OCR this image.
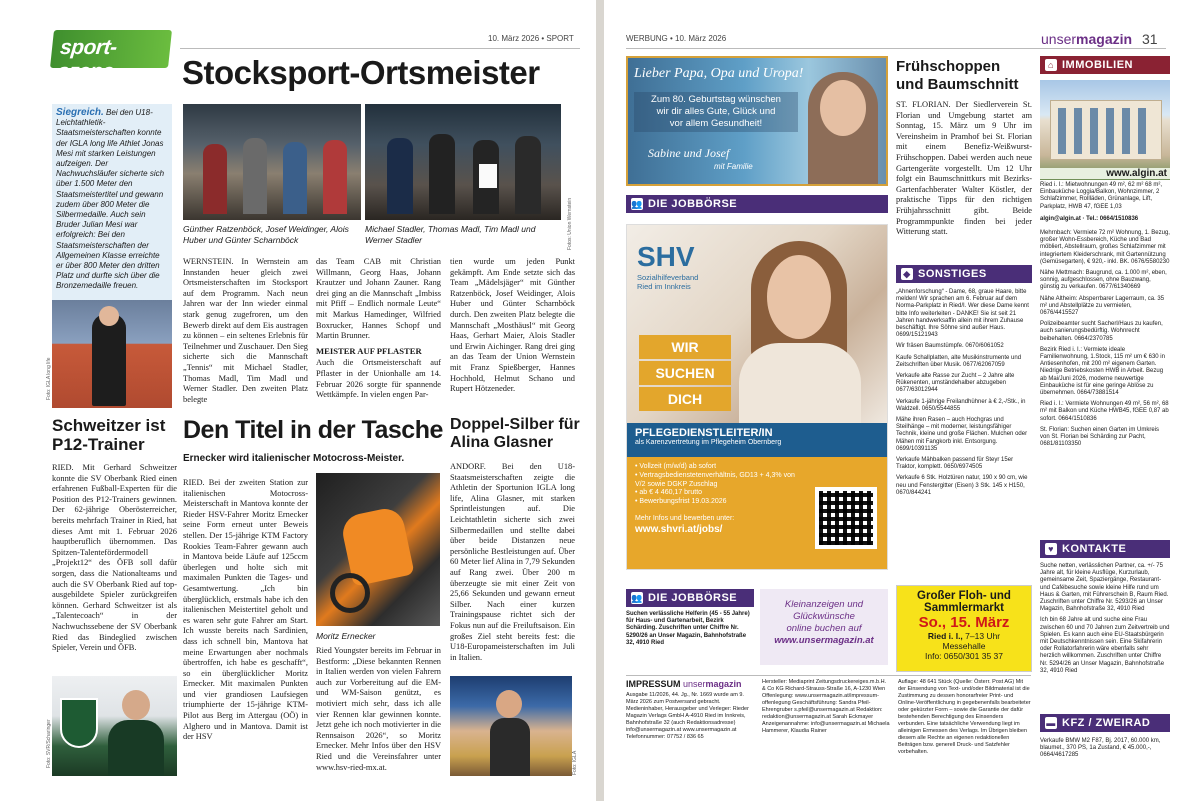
sport-szene
10. März 2026 • SPORT
Stocksport-Ortsmeister
Siegreich. Bei den U18-Leichtathletik-Staatsmeisterschaften konnte der IGLA long life Athlet Jonas Mesi mit starken Leistungen aufzeigen. Der Nachwuchsläufer sicherte sich über 1.500 Meter den Staatsmeistertitel und gewann zudem über 800 Meter die Silbermedaille. Auch sein Bruder Julian Mesi war erfolgreich: Bei den Staatsmeisterschaften der Allgemeinen Klasse erreichte er über 800 Meter den dritten Platz und durfte sich über die Bronzemedaille freuen.
Foto: IGLA long life
Fotos: Union Wernstein
Günther Ratzenböck, Josef Weidinger, Alois Huber und Günter Scharnböck
Michael Stadler, Thomas Madl, Tim Madl und Werner Stadler
WERNSTEIN. In Wernstein am Innstanden heuer gleich zwei Ortsmeisterschaften im Stocksport auf dem Programm. Nach neun Jahren war der Inn wieder einmal stark genug zugefroren, um den Bewerb direkt auf dem Eis austragen zu können – ein seltenes Erlebnis für Teilnehmer und Zuschauer. Den Sieg sicherte sich die Mannschaft „Tennis“ mit Michael Stadler, Thomas Madl, Tim Madl und Werner Stadler. Den zweiten Platz belegte
das Team CAB mit Christian Willmann, Georg Haas, Johann Krautzer und Johann Zauner. Rang drei ging an die Mannschaft „Imbiss mit Pfiff – Endlich normale Leute“ mit Markus Hamedinger, Wilfried Boxrucker, Hannes Schopf und Martin Brunner.
MEISTER AUF PFLASTER
Auch die Ortsmeisterschaft auf Pflaster in der Unionhalle am 14. Februar 2026 sorgte für spannende Wettkämpfe. In vielen engen Par-
tien wurde um jeden Punkt gekämpft. Am Ende setzte sich das Team „Mädelsjäger“ mit Günther Ratzenböck, Josef Weidinger, Alois Huber und Günter Scharnböck durch. Den zweiten Platz belegte die Mannschaft „Mosthäusl“ mit Georg Haas, Gerhart Maier, Alois Stadler und Erwin Aichinger. Rang drei ging an das Team der Union Wernstein mit Franz Spießberger, Hannes Hochhold, Helmut Schano und Rupert Hötzeneder.
Schweitzer ist P12-Trainer
RIED. Mit Gerhard Schweitzer konnte die SV Oberbank Ried einen erfahrenen Fußball-Experten für die Position des P12-Trainers gewinnen. Der 62-jährige Oberösterreicher, bereits mehrfach Trainer in Ried, hat dieses Amt mit 1. Februar 2026 hauptberuflich übernommen. Das Spitzen-Talentefördermodell „Projekt12“ des ÖFB soll dafür sorgen, dass die Nationalteams und auch die SV Oberbank Ried auf top-ausgebildete Spieler zurückgreifen können. Gerhard Schweitzer ist als „Talentecoach“ in der Nachwuchssebene der SV Oberbank Ried das Bindeglied zwischen Spieler, Verein und ÖFB.
Foto: SVR/Scharinger
Den Titel in der Tasche
Ernecker wird italienischer Motocross-Meister.
RIED. Bei der zweiten Station zur italienischen Motocross-Meisterschaft in Mantova konnte der Rieder HSV-Fahrer Moritz Ernecker seine Form erneut unter Beweis stellen. Der 15-jährige KTM Factory Rookies Team-Fahrer gewann auch in Mantova beide Läufe auf 125ccm überlegen und holte sich mit maximalen Punkten die Tages- und Gesamtwertung. „Ich bin überglücklich, erstmals habe ich den italienischen Meistertitel geholt und es waren sehr gute Fahrer am Start. Ich wusste bereits nach Sardinien, dass ich schnell bin, Mantova hat meine Erwartungen aber nochmals übertroffen, ich habe es geschafft“, so ein überglücklicher Moritz Ernecker. Mit maximalen Punkten und vier grandiosen Laufsiegen triumphierte der 15-jährige KTM-Pilot aus Berg im Attergau (OÖ) in Alghero und in Mantova. Damit ist der HSV
Moritz Ernecker
Ried Youngster bereits im Februar in Bestform: „Diese bekannten Rennen in Italien werden von vielen Fahrern auch zur Vorbereitung auf die EM- und WM-Saison genützt, es motiviert mich sehr, dass ich alle vier Rennen klar gewinnen konnte. Jetzt gehe ich noch motivierter in die Rennsaison 2026“, so Moritz Ernecker. Mehr Infos über den HSV Ried und die Vereinsfahrer unter www.hsv-ried-mx.at.
Doppel-Silber für Alina Glasner
ANDORF. Bei den U18-Staatsmeisterschaften zeigte die Athletin der Sportunion IGLA long life, Alina Glasner, mit starken Sprintleistungen auf. Die Leichtathletin sicherte sich zwei Silbermedaillen und stellte dabei über beide Distanzen neue persönliche Bestleistungen auf. Über 60 Meter lief Alina in 7,79 Sekunden auf Rang zwei. Über 200 m überzeugte sie mit einer Zeit von 25,66 Sekunden und gewann erneut Silber. Nach einer kurzen Trainingspause richtet sich der Fokus nun auf die Freiluftsaison. Ein großes Ziel steht bereits fest: die U18-Europameisterschaften im Juli in Italien.
Foto: IGLA
WERBUNG • 10. März 2026	unsermagazin 31
Lieber Papa, Opa und Uropa!
Zum 80. Geburtstag wünschen
wir dir alles Gute, Glück und
vor allem Gesundheit!
Sabine und Josef
mit Familie
Frühschoppen und Baumschnitt
ST. FLORIAN. Der Siedlerverein St. Florian und Umgebung startet am Sonntag, 15. März um 9 Uhr im Vereinsheim in Pramhof bei St. Florian mit einem Benefiz-Weißwurst-Frühschoppen. Dabei werden auch neue Gartengeräte vorgestellt. Um 12 Uhr folgt ein Baumschnittkurs mit Bezirks-Gartenfachberater Walter Köstler, der praktische Tipps für den richtigen Frühjahrsschnitt gibt. Beide Programmpunkte finden bei jeder Witterung statt.
⌂ IMMOBILIEN
www.algin.at
Ried i. I.: Mietwohnungen 49 m², 62 m² 68 m², Einbauküche Loggia/Balkon, Wohnzimmer, 2 Schlafzimmer, Rollläden, Grünanlage, Lift, Parkplatz, HWB 47, fGEE 1,03
algin@algin.at · Tel.: 0664/1510836

Mehrnbach: Vermiete 72 m² Wohnung, 1. Bezug, großer Wohn-Essbereich, Küche und Bad möbliert, Abstellraum, großes Schlafzimmer mit integriertem Kleiderschrank, mit Gartennützung (Gemüsegarten), € 920,- inkl. BK. 0676/5580230

Nähe Mettmach: Baugrund, ca. 1.000 m², eben, sonnig, aufgeschlossen, ohne Bauzwang, günstig zu verkaufen. 0677/61340669

Nähe Altheim: Absperrbarer Lagerraum, ca. 35 m² und Abstellplätze zu vermieten, 0676/4415527

Polizeibeamter sucht Sacherl/Haus zu kaufen, auch sanierungsbedürftig. Wohnrecht beibehalten. 0664/2370785

Bezirk Ried i. I.: Vermiete ideale Familienwohnung, 1.Stock, 115 m² um € 630 in Antiesenhofen, mit 200 m² eigenem Garten. Niedrige Betriebskosten HWB in Arbeit. Bezug ab Mai/Juni 2026, moderne neuwertige Einbauküche ist für eine geringe Ablöse zu übernehmen. 0664/73881514

Ried i. I.: Vermiete Wohnungen 49 m², 56 m², 68 m² mit Balkon und Küche HWB45, fGEE 0,87 ab sofort. 0664/1510836

St. Florian: Suchen einen Garten im Umkreis von St. Florian bei Schärding zur Pacht, 0681/81103350

👥 DIE JOBBÖRSE
SHV
Sozialhilfeverband
Ried im Innkreis
WIR
SUCHEN
DICH
PFLEGEDIENSTLEITER/IN
als Karenzvertretung im Pflegeheim Obernberg
• Vollzeit (m/w/d) ab sofort
• Vertragsbedienstetenverhältnis, GD13 + 4,3% von V/2 sowie DGKP Zuschlag
• ab € 4 460,17 brutto
• Bewerbungsfrist 19.03.2026
Mehr Infos und bewerben unter:
www.shvri.at/jobs/
◆ SONSTIGES

„Ahnenforschung“ - Dame, 68, graue Haare, bitte melden! Wir sprachen am 6. Februar auf dem Norma-Parkplatz in Ried/I. Wer diese Dame kennt bitte Info weiterleiten - DANKE! Sie ist seit 21 Jahren handwerksaffin allein mit ihrem Zuhause beschäftigt. Ihre Söhne sind außer Haus. 0699/15121943

Wir fräsen Baumstümpfe. 0670/6061052

Kaufe Schallplatten, alte Musikinstrumente und Zeitschriften über Musik. 0677/62067059

Verkaufe alte Rasse zur Zucht – 2 Jahre alte Rükenenten, umständehalber abzugeben 0677/63012944

Verkaufe 1-jährige Freilandhühner à € 2,-/Stk., in Waldzell. 0650/5544855

Mähe ihren Rasen – auch Hochgras und Steilhänge – mit moderner, leistungsfähiger Technik, kleine und große Flächen. Mulchen oder Mähen mit Fangkorb inkl. Entsorgung. 0699/10391135

Verkaufe Mähbalken passend für Steyr 15er Traktor, komplett. 0650/6974505

Verkaufe 6 Stk. Holztüren natur, 190 x 90 cm, wie neu und Fenstergitter (Eisen) 3 Stk. 145 x H150, 0670/844241

Großer Floh- und
Sammlermarkt
So., 15. März
Ried i. I., 7–13 Uhr
Messehalle
Info: 0650/301 35 37
👥 DIE JOBBÖRSE
Suchen verlässliche Helferin (45 - 55 Jahre) für Haus- und Gartenarbeit, Bezirk Schärding. Zuschriften unter Chiffre Nr. 5290/26 an Unser Magazin, Bahnhofstraße 32, 4910 Ried
Kleinanzeigen und
Glückwünsche
online buchen auf
www.unsermagazin.at
♥ KONTAKTE

Suche netten, verlässlichen Partner, ca. +/- 75 Jahre alt, für kleine Ausflüge, Kurzurlaub, gemeinsame Zeit, Spaziergänge, Restaurant- und Cafébesuche sowie kleine Hilfe rund um Haus & Garten, mit Führerschein B, Raum Ried. Zuschriften unter Chiffre Nr. 5293/26 an Unser Magazin, Bahnhofstraße 32, 4910 Ried

Ich bin 68 Jahre alt und suche eine Frau zwischen 60 und 70 Jahren zum Zeitvertreib und Spielen. Es kann auch eine EU-Staatsbürgerin mit Deutschkenntnissen sein. Eine Skifahrerin oder Rollatorfahrerin wäre ebenfalls sehr herzlich willkommen. Zuschriften unter Chiffre Nr. 5294/26 an Unser Magazin, Bahnhofstraße 32, 4910 Ried

▬ KFZ / ZWEIRAD
Verkaufe BMW M2 F87, Bj. 2017, 60.000 km, blaumet., 370 PS, 1a Zustand, € 45.000,-, 0664/4617285
IMPRESSUM unsermagazin
Ausgabe 11/2026, 44. Jg., Nr. 1669 wurde am 9. März 2026 zum Postversand gebracht. Medieninhaber, Herausgeber und Verleger: Rieder Magazin Verlags GmbH A-4910 Ried im Innkreis, Bahnhofstraße 32 (auch Redaktionsadresse) info@unsermagazin.at www.unsermagazin.at Telefonnummer: 07752 / 836 65
Hersteller: Mediaprint Zeitungsdruckereiges.m.b.H. & Co KG Richard-Strauss-Straße 16, A-1230 Wien Offenlegung: www.unsermagazin.at/impressum-offenlegung Geschäftsführung: Sandra Pfeil-Ehrengruber s.pfeil@unsermagazin.at Redaktion: redaktion@unsermagazin.at Sarah Eckmayer Anzeigenannahme: info@unsermagazin.at Michaela Hammerer, Klaudia Rainer
Auflage: 48 641 Stück (Quelle: Österr. Post AG) Mit der Einsendung von Text- und/oder Bildmaterial ist die Zustimmung zu dessen honorarfreier Print- und Online-Veröffentlichung in gegebenenfalls bearbeiteter oder gekürzter Form – sowie die Garantie der dafür bestehenden Berechtigung des Einsenders verbunden. Eine tatsächliche Verwendung liegt im alleinigen Ermessen des Verlags. Im Übrigen bleiben diesem alle Rechte an eigenen redaktionellen Beiträgen bzw. generell Druck- und Satzfehler vorbehalten.
